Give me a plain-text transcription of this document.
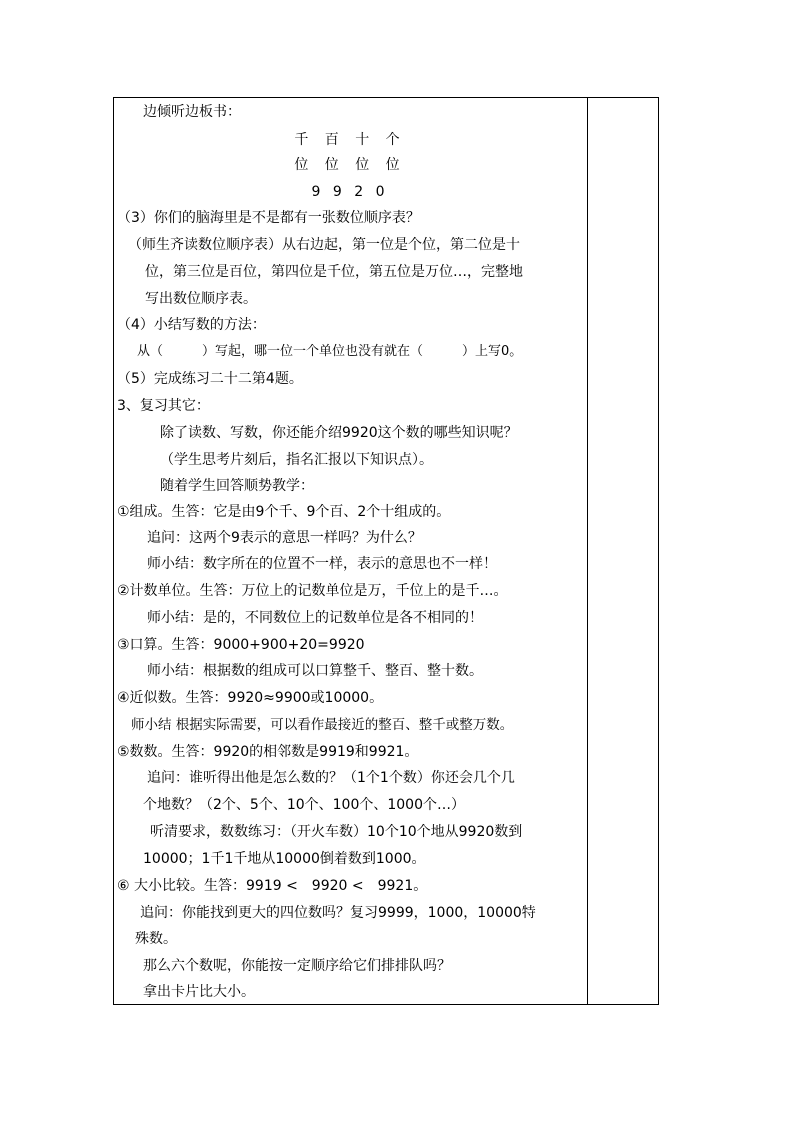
边倾听边板书：
千 百 十 个
位 位 位 位
9 9 2 0
（3）你们的脑海里是不是都有一张数位顺序表？
（师生齐读数位顺序表）从右边起，第一位是个位，第二位是十
位，第三位是百位，第四位是千位，第五位是万位…，完整地
写出数位顺序表。
（4）小结写数的方法：
从（　　　）写起，哪一位一个单位也没有就在（　　　）上写0。
（5）完成练习二十二第4题。
3、复习其它：
除了读数、写数，你还能介绍9920这个数的哪些知识呢？
（学生思考片刻后，指名汇报以下知识点）。
随着学生回答顺势教学：
①组成。生答：它是由9个千、9个百、2个十组成的。
追问：这两个9表示的意思一样吗？为什么？
师小结：数字所在的位置不一样，表示的意思也不一样！
②计数单位。生答：万位上的记数单位是万，千位上的是千…。
师小结：是的，不同数位上的记数单位是各不相同的！
③口算。生答：9000+900+20=9920
师小结：根据数的组成可以口算整千、整百、整十数。
④近似数。生答：9920≈9900或10000。
师小结 根据实际需要，可以看作最接近的整百、整千或整万数。
⑤数数。生答：9920的相邻数是9919和9921。
追问：谁听得出他是怎么数的？（1个1个数）你还会几个几
个地数？（2个、5个、10个、100个、1000个…）
听清要求，数数练习：（开火车数）10个10个地从9920数到
10000；1千1千地从10000倒着数到1000。
⑥ 大小比较。生答：9919 <　9920 <　9921。
追问：你能找到更大的四位数吗？复习9999，1000，10000特
殊数。
那么六个数呢，你能按一定顺序给它们排排队吗？
拿出卡片比大小。
